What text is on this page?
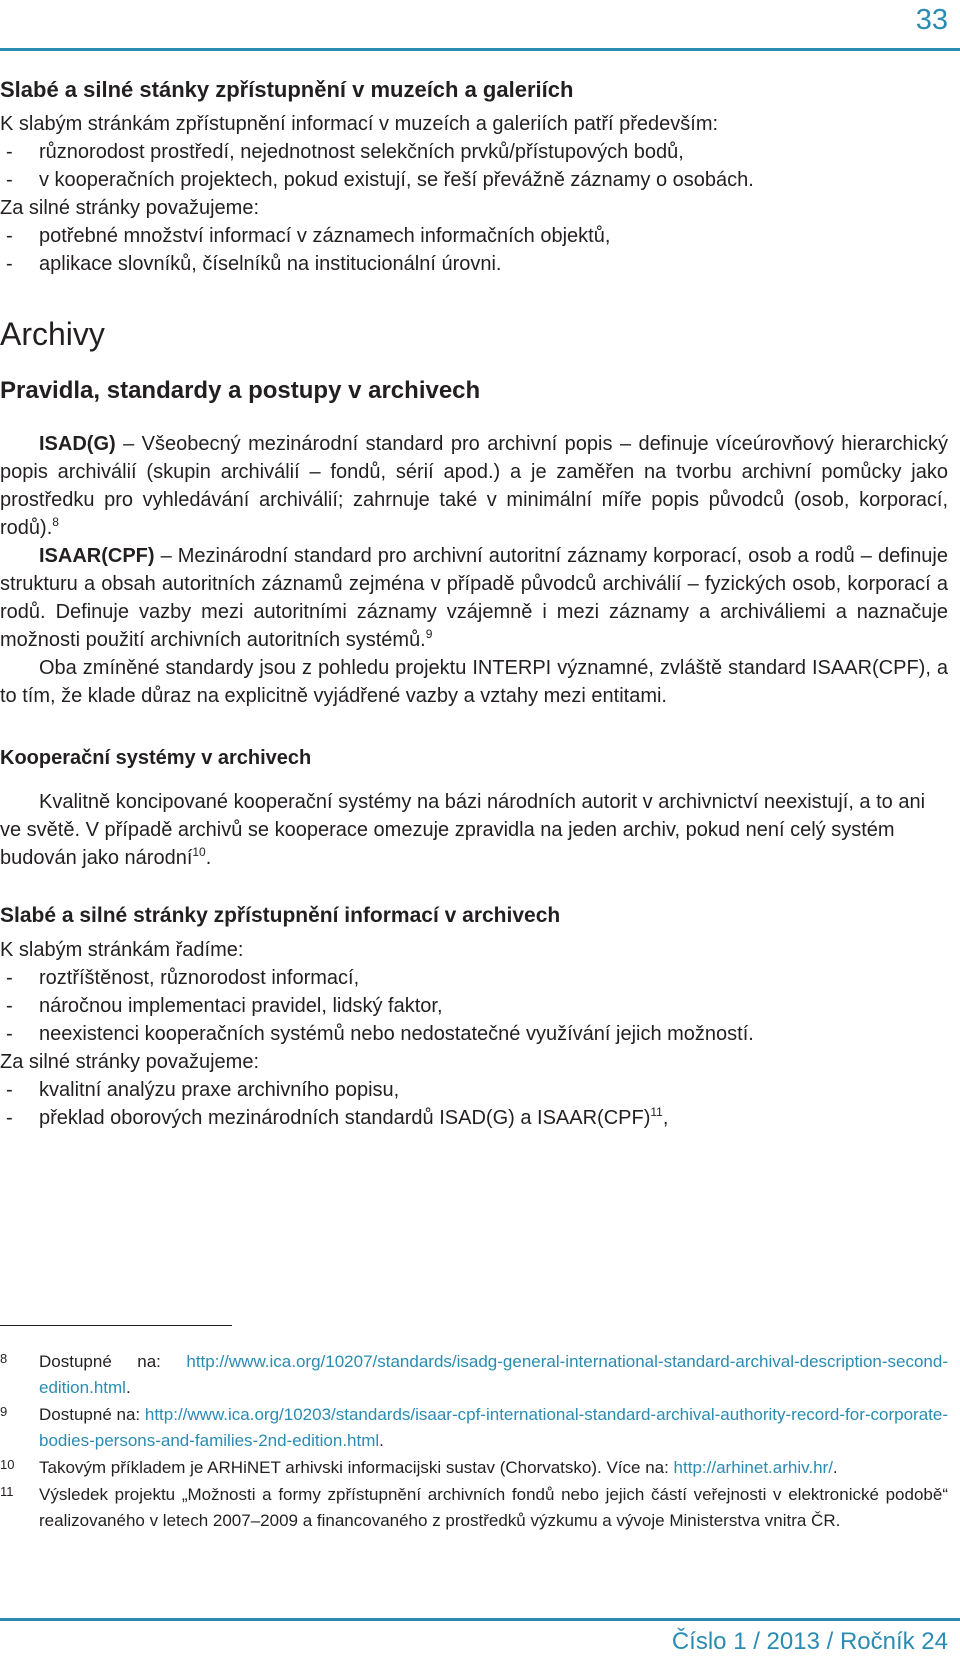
33
Slabé a silné stánky zpřístupnění v muzeích a galeriích

K slabým stránkám zpřístupnění informací v muzeích a galeriích patří především:

- různorodost prostředí, nejednotnost selekčních prvků/přístupových bodů,
- v kooperačních projektech, pokud existují, se řeší převážně záznamy o osobách.

Za silné stránky považujeme:

- potřebné množství informací v záznamech informačních objektů,
- aplikace slovníků, číselníků na institucionální úrovni.
Archivy
Pravidla, standardy a postupy v archivech

ISAD(G) – Všeobecný mezinárodní standard pro archivní popis – definuje víceúrovňový hierarchický popis archiválií (skupin archiválií – fondů, sérií apod.) a je zaměřen na tvorbu archivní pomůcky jako prostředku pro vyhledávání archiválií; zahrnuje také v minimální míře popis původců (osob, korporací, rodů).$^8$

ISAAR(CPF) – Mezinárodní standard pro archivní autoritní záznamy korporací, osob a rodů – definuje strukturu a obsah autoritních záznamů zejména v případě původců archiválií – fyzických osob, korporací a rodů. Definuje vazby mezi autoritními záznamy vzájemně i mezi záznamy a archiváliemi a naznačuje možnosti použití archivních autoritních systémů.$^9$

Oba zmíněné standardy jsou z pohledu projektu INTERPI významné, zvláště standard ISAAR(CPF), a to tím, že klade důraz na explicitně vyjádřené vazby a vztahy mezi entitami.

Kooperační systémy v archivech

Kvalitně koncipované kooperační systémy na bázi národních autorit v archivnictví neexistují, a to ani ve světě. V případě archivů se kooperace omezuje zpravidla na jeden archiv, pokud není celý systém budován jako národní$^{10}$.

Slabé a silné stránky zpřístupnění informací v archivech

K slabým stránkám řadíme:

- roztříštěnost, různorodost informací,
- náročnou implementaci pravidel, lidský faktor,
- neexistenci kooperačních systémů nebo nedostatečné využívání jejich možností.

Za silné stránky považujeme:

- kvalitní analýzu praxe archivního popisu,
- překlad oborových mezinárodních standardů ISAD(G) a ISAAR(CPF)$^{11}$,
8 Dostupné na: http://www.ica.org/10207/standards/isadg-general-international-standard-archival-description-second-edition.html.
9 Dostupné na: http://www.ica.org/10203/standards/isaar-cpf-international-standard-archival-authority-record-for-corporate-bodies-persons-and-families-2nd-edition.html.
10 Takovým příkladem je ARHiNET arhivski informacijski sustav (Chorvatsko). Více na: http://arhinet.arhiv.hr/.
11 Výsledek projektu „Možnosti a formy zpřístupnění archivních fondů nebo jejich částí veřejnosti v elektronické podobě“ realizovaného v letech 2007–2009 a financovaného z prostředků výzkumu a vývoje Ministerstva vnitra ČR.
Číslo 1 / 2013 / Ročník 24
